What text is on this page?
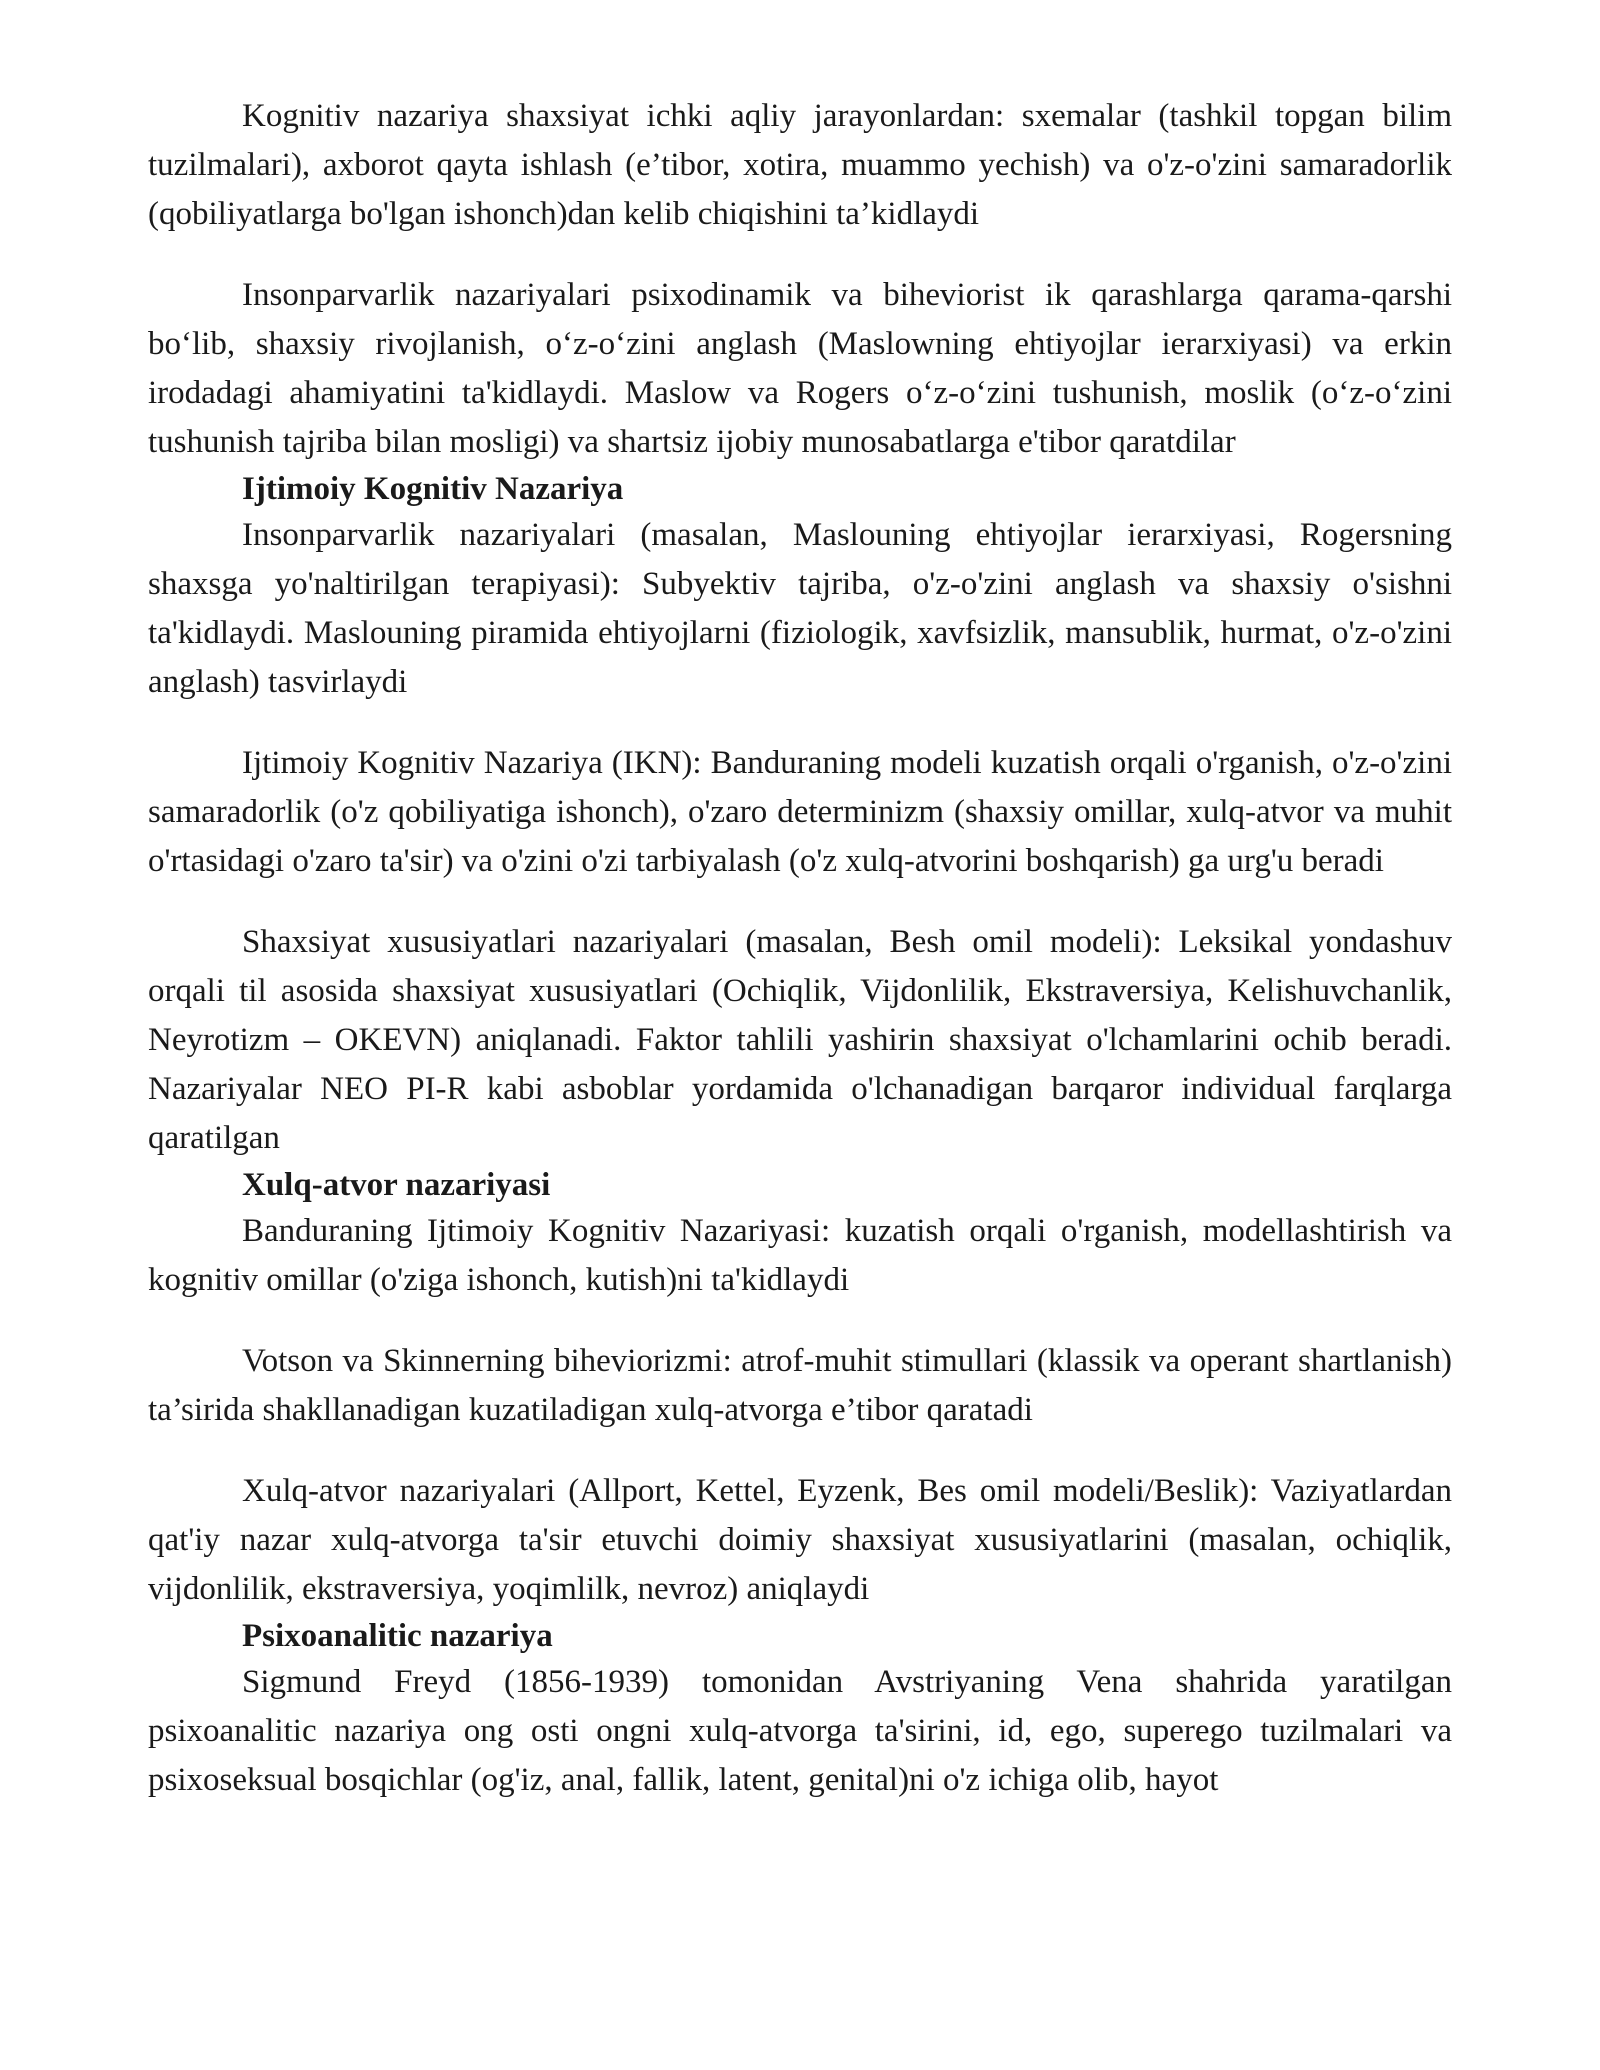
Kognitiv nazariya shaxsiyat ichki aqliy jarayonlardan: sxemalar (tashkil topgan bilim tuzilmalari), axborot qayta ishlash (e’tibor, xotira, muammo yechish) va o'z-o'zini samaradorlik (qobiliyatlarga bo'lgan ishonch)dan kelib chiqishini ta’kidlaydi

Insonparvarlik nazariyalari psixodinamik va biheviorist ik qarashlarga qarama-qarshi bo‘lib, shaxsiy rivojlanish, o‘z-o‘zini anglash (Maslowning ehtiyojlar ierarxiyasi) va erkin irodadagi ahamiyatini ta'kidlaydi. Maslow va Rogers o‘z-o‘zini tushunish, moslik (o‘z-o‘zini tushunish tajriba bilan mosligi) va shartsiz ijobiy munosabatlarga e'tibor qaratdilar

Ijtimoiy Kognitiv Nazariya

Insonparvarlik nazariyalari (masalan, Maslouning ehtiyojlar ierarxiyasi, Rogersning shaxsga yo'naltirilgan terapiyasi): Subyektiv tajriba, o'z-o'zini anglash va shaxsiy o'sishni ta'kidlaydi. Maslouning piramida ehtiyojlarni (fiziologik, xavfsizlik, mansublik, hurmat, o'z-o'zini anglash) tasvirlaydi

Ijtimoiy Kognitiv Nazariya (IKN): Banduraning modeli kuzatish orqali o'rganish, o'z-o'zini samaradorlik (o'z qobiliyatiga ishonch), o'zaro determinizm (shaxsiy omillar, xulq-atvor va muhit o'rtasidagi o'zaro ta'sir) va o'zini o'zi tarbiyalash (o'z xulq-atvorini boshqarish) ga urg'u beradi

Shaxsiyat xususiyatlari nazariyalari (masalan, Besh omil modeli): Leksikal yondashuv orqali til asosida shaxsiyat xususiyatlari (Ochiqlik, Vijdonlilik, Ekstraversiya, Kelishuvchanlik, Neyrotizm – OKEVN) aniqlanadi. Faktor tahlili yashirin shaxsiyat o'lchamlarini ochib beradi. Nazariyalar NEO PI-R kabi asboblar yordamida o'lchanadigan barqaror individual farqlarga qaratilgan

Xulq-atvor nazariyasi

Banduraning Ijtimoiy Kognitiv Nazariyasi: kuzatish orqali o'rganish, modellashtirish va kognitiv omillar (o'ziga ishonch, kutish)ni ta'kidlaydi

Votson va Skinnerning biheviorizmi: atrof-muhit stimullari (klassik va operant shartlanish) ta’sirida shakllanadigan kuzatiladigan xulq-atvorga e’tibor qaratadi

Xulq-atvor nazariyalari (Allport, Kettel, Eyzenk, Bes omil modeli/Beslik): Vaziyatlardan qat'iy nazar xulq-atvorga ta'sir etuvchi doimiy shaxsiyat xususiyatlarini (masalan, ochiqlik, vijdonlilik, ekstraversiya, yoqimlilk, nevroz) aniqlaydi

Psixoanalitic nazariya

Sigmund Freyd (1856-1939) tomonidan Avstriyaning Vena shahrida yaratilgan psixoanalitic nazariya ong osti ongni xulq-atvorga ta'sirini, id, ego, superego tuzilmalari va psixoseksual bosqichlar (og'iz, anal, fallik, latent, genital)ni o'z ichiga olib, hayot
